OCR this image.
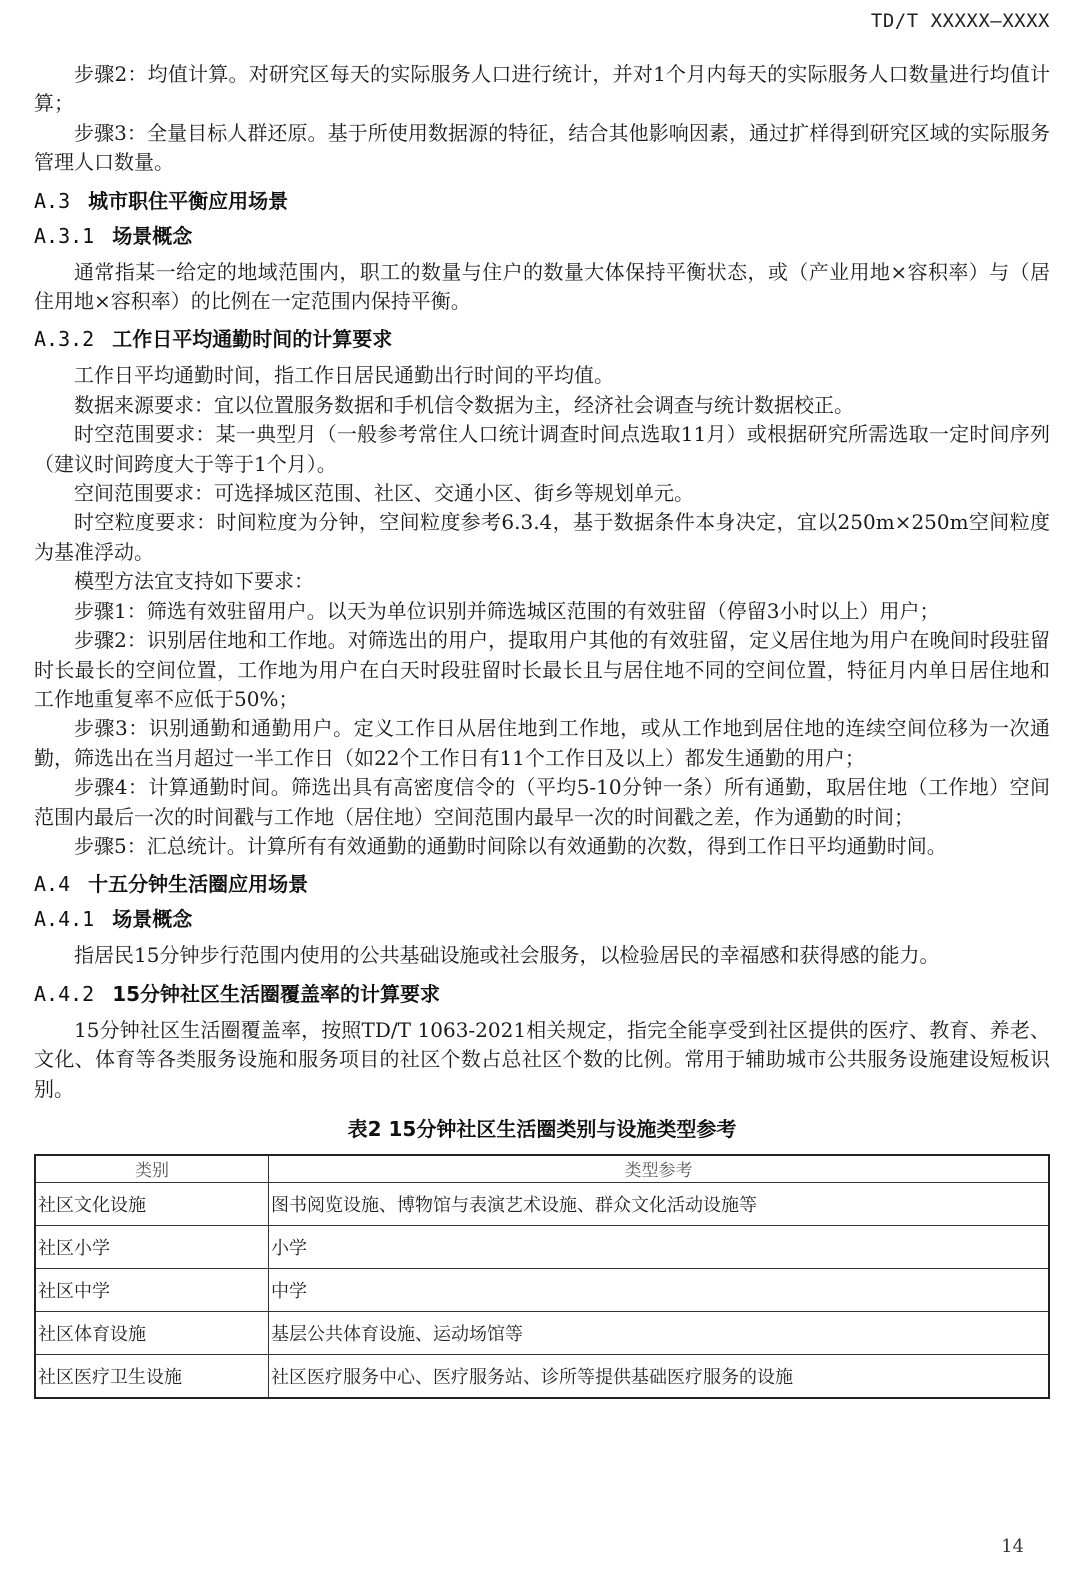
TD/T XXXXX—XXXX

步骤2：均值计算。对研究区每天的实际服务人口进行统计，并对1个月内每天的实际服务人口数量进行均值计算；

步骤3：全量目标人群还原。基于所使用数据源的特征，结合其他影响因素，通过扩样得到研究区域的实际服务管理人口数量。

A.3 城市职住平衡应用场景
A.3.1 场景概念

通常指某一给定的地域范围内，职工的数量与住户的数量大体保持平衡状态，或（产业用地×容积率）与（居住用地×容积率）的比例在一定范围内保持平衡。

A.3.2 工作日平均通勤时间的计算要求

工作日平均通勤时间，指工作日居民通勤出行时间的平均值。

数据来源要求：宜以位置服务数据和手机信令数据为主，经济社会调查与统计数据校正。

时空范围要求：某一典型月（一般参考常住人口统计调查时间点选取11月）或根据研究所需选取一定时间序列（建议时间跨度大于等于1个月）。

空间范围要求：可选择城区范围、社区、交通小区、街乡等规划单元。

时空粒度要求：时间粒度为分钟，空间粒度参考6.3.4，基于数据条件本身决定，宜以250m×250m空间粒度为基准浮动。

模型方法宜支持如下要求：

步骤1：筛选有效驻留用户。以天为单位识别并筛选城区范围的有效驻留（停留3小时以上）用户；

步骤2：识别居住地和工作地。对筛选出的用户，提取用户其他的有效驻留，定义居住地为用户在晚间时段驻留时长最长的空间位置，工作地为用户在白天时段驻留时长最长且与居住地不同的空间位置，特征月内单日居住地和工作地重复率不应低于50%；

步骤3：识别通勤和通勤用户。定义工作日从居住地到工作地，或从工作地到居住地的连续空间位移为一次通勤，筛选出在当月超过一半工作日（如22个工作日有11个工作日及以上）都发生通勤的用户；

步骤4：计算通勤时间。筛选出具有高密度信令的（平均5-10分钟一条）所有通勤，取居住地（工作地）空间范围内最后一次的时间戳与工作地（居住地）空间范围内最早一次的时间戳之差，作为通勤的时间；

步骤5：汇总统计。计算所有有效通勤的通勤时间除以有效通勤的次数，得到工作日平均通勤时间。

A.4 十五分钟生活圈应用场景
A.4.1 场景概念

指居民15分钟步行范围内使用的公共基础设施或社会服务，以检验居民的幸福感和获得感的能力。

A.4.2 15分钟社区生活圈覆盖率的计算要求

15分钟社区生活圈覆盖率，按照TD/T 1063-2021相关规定，指完全能享受到社区提供的医疗、教育、养老、文化、体育等各类服务设施和服务项目的社区个数占总社区个数的比例。常用于辅助城市公共服务设施建设短板识别。

表2 15分钟社区生活圈类别与设施类型参考
类别	类型参考
社区文化设施	图书阅览设施、博物馆与表演艺术设施、群众文化活动设施等
社区小学	小学
社区中学	中学
社区体育设施	基层公共体育设施、运动场馆等
社区医疗卫生设施	社区医疗服务中心、医疗服务站、诊所等提供基础医疗服务的设施
14
